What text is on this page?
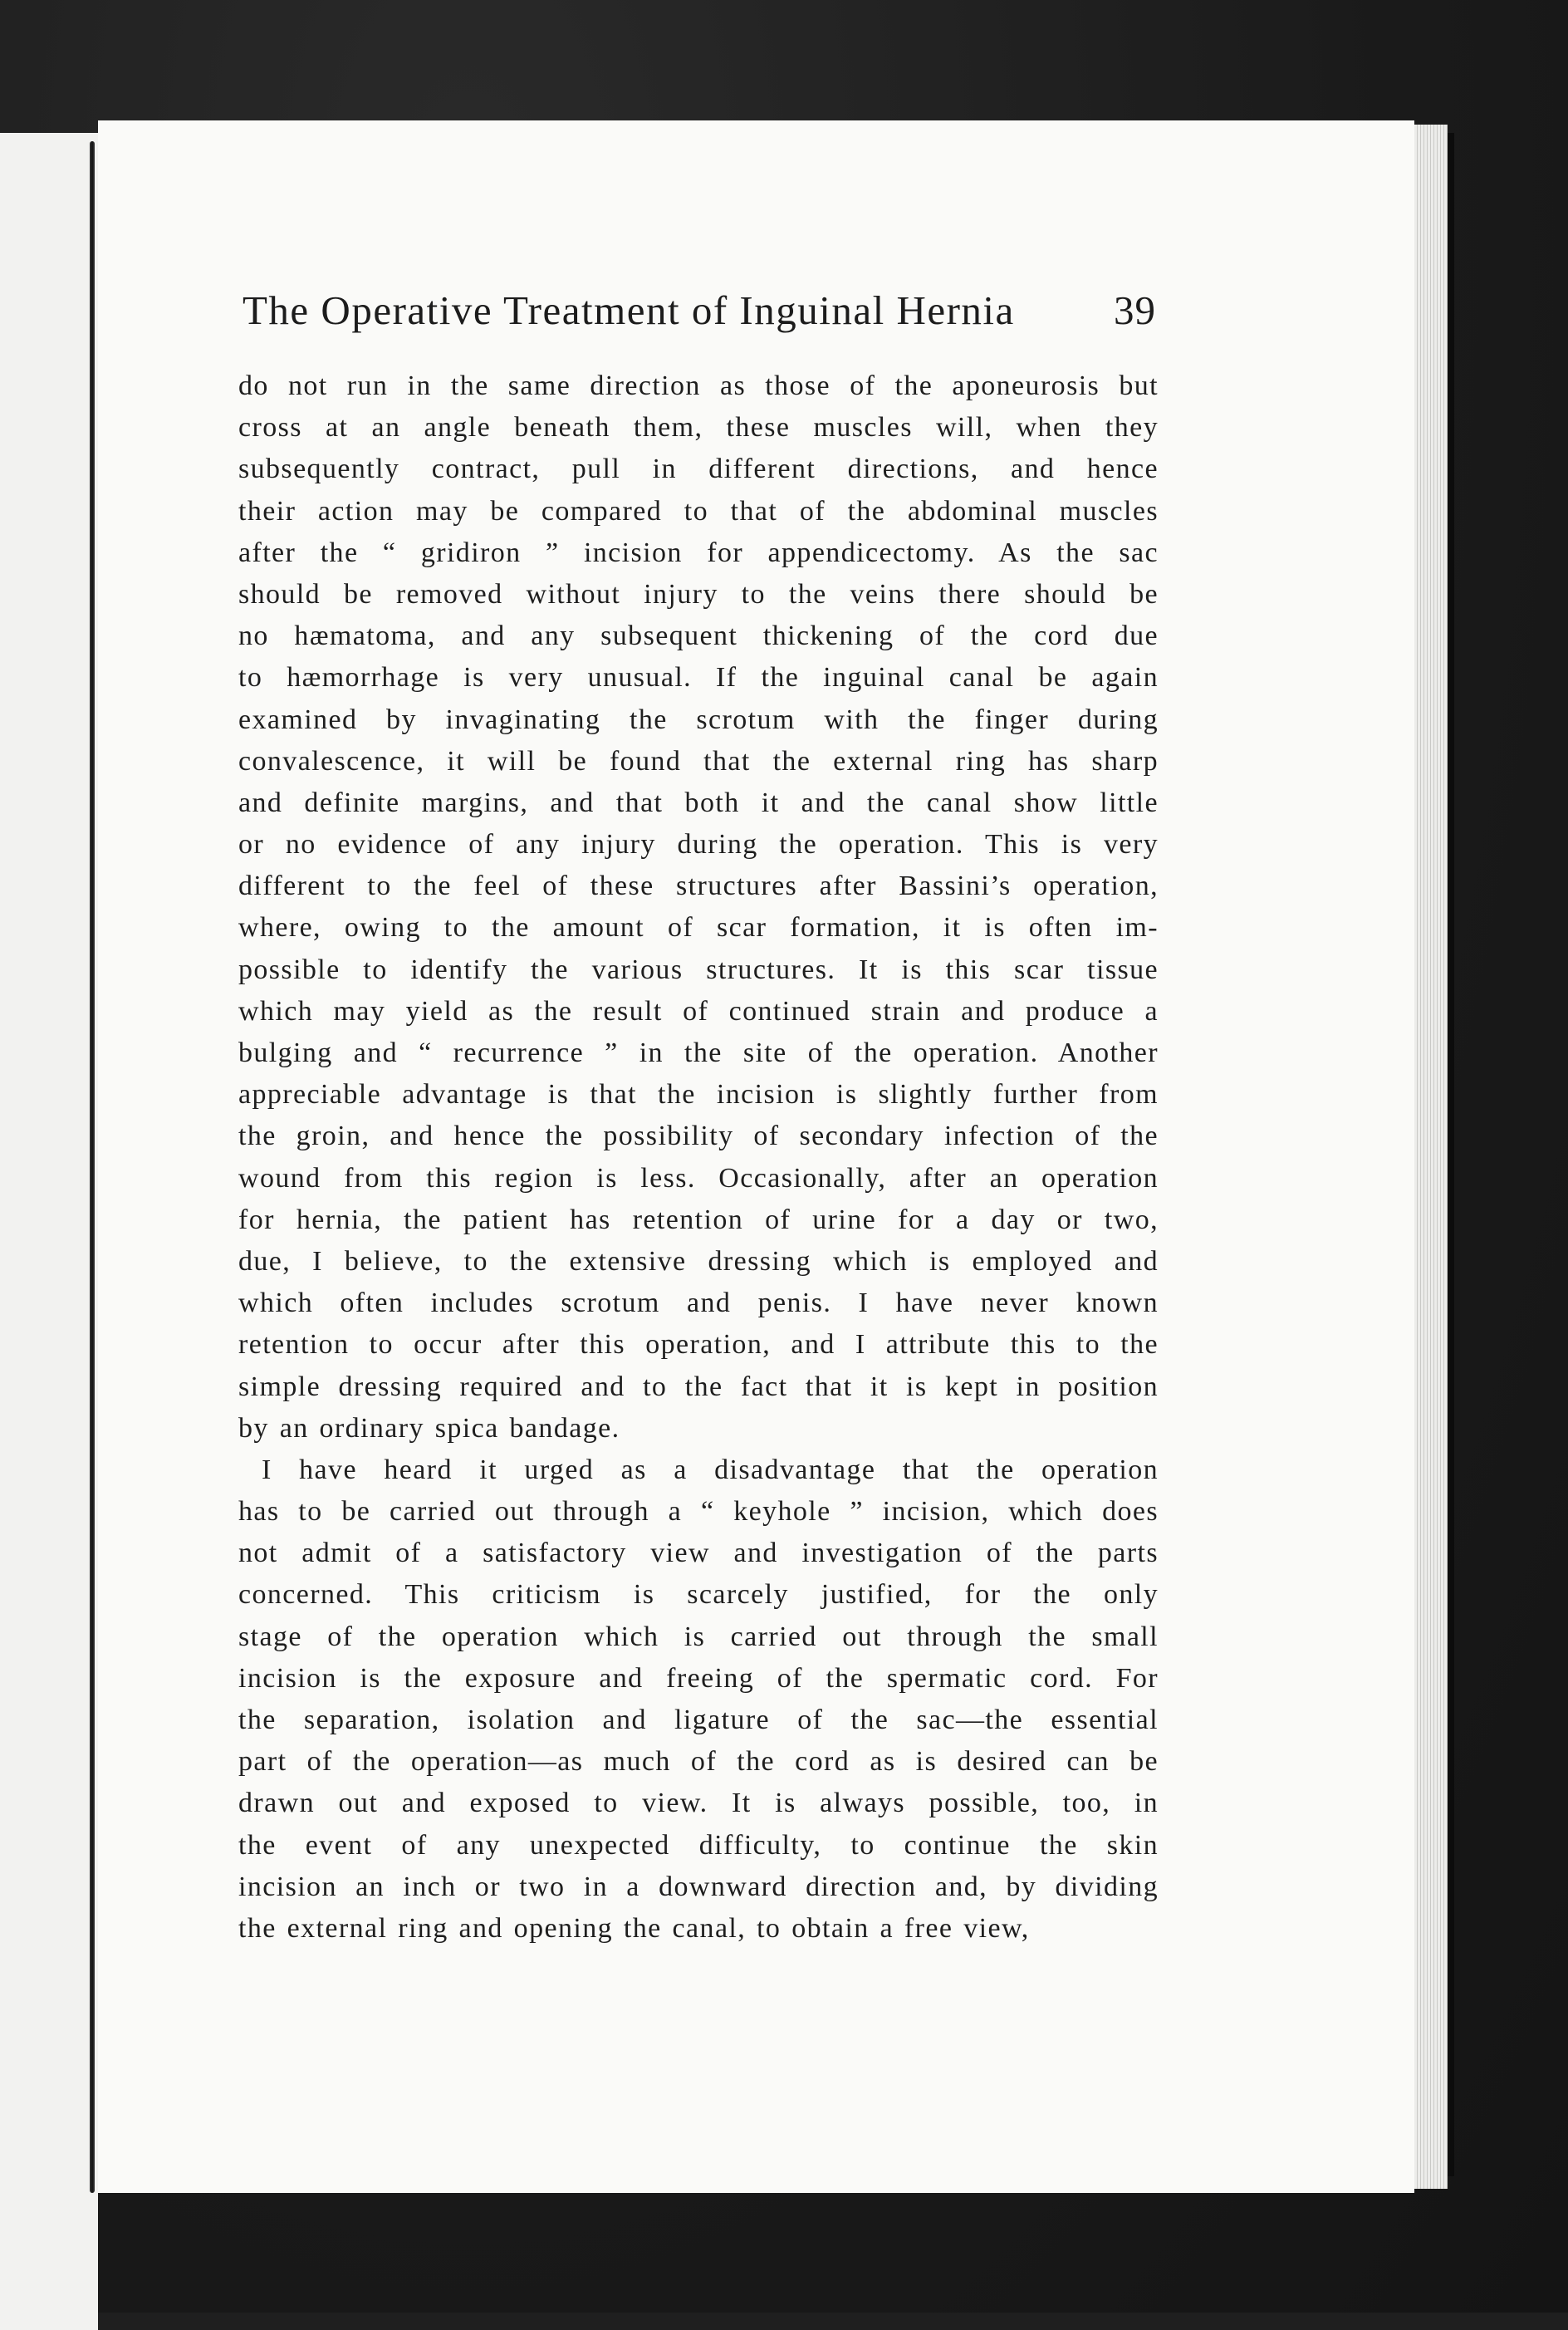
The Operative Treatment of Inguinal Hernia 39
do not run in the same direction as those of the aponeurosis but
cross at an angle beneath them, these muscles will, when they
subsequently contract, pull in different directions, and hence
their action may be compared to that of the abdominal muscles
after the “ gridiron ” incision for appendicectomy. As the sac
should be removed without injury to the veins there should be
no hæmatoma, and any subsequent thickening of the cord due
to hæmorrhage is very unusual. If the inguinal canal be again
examined by invaginating the scrotum with the finger during
convalescence, it will be found that the external ring has sharp
and definite margins, and that both it and the canal show little
or no evidence of any injury during the operation. This is very
different to the feel of these structures after Bassini’s operation,
where, owing to the amount of scar formation, it is often im-
possible to identify the various structures. It is this scar tissue
which may yield as the result of continued strain and produce a
bulging and “ recurrence ” in the site of the operation. Another
appreciable advantage is that the incision is slightly further from
the groin, and hence the possibility of secondary infection of the
wound from this region is less. Occasionally, after an operation
for hernia, the patient has retention of urine for a day or two,
due, I believe, to the extensive dressing which is employed and
which often includes scrotum and penis. I have never known
retention to occur after this operation, and I attribute this to the
simple dressing required and to the fact that it is kept in position
by an ordinary spica bandage.
I have heard it urged as a disadvantage that the operation
has to be carried out through a “ keyhole ” incision, which does
not admit of a satisfactory view and investigation of the parts
concerned. This criticism is scarcely justified, for the only
stage of the operation which is carried out through the small
incision is the exposure and freeing of the spermatic cord. For
the separation, isolation and ligature of the sac—the essential
part of the operation—as much of the cord as is desired can be
drawn out and exposed to view. It is always possible, too, in
the event of any unexpected difficulty, to continue the skin
incision an inch or two in a downward direction and, by dividing
the external ring and opening the canal, to obtain a free view,
